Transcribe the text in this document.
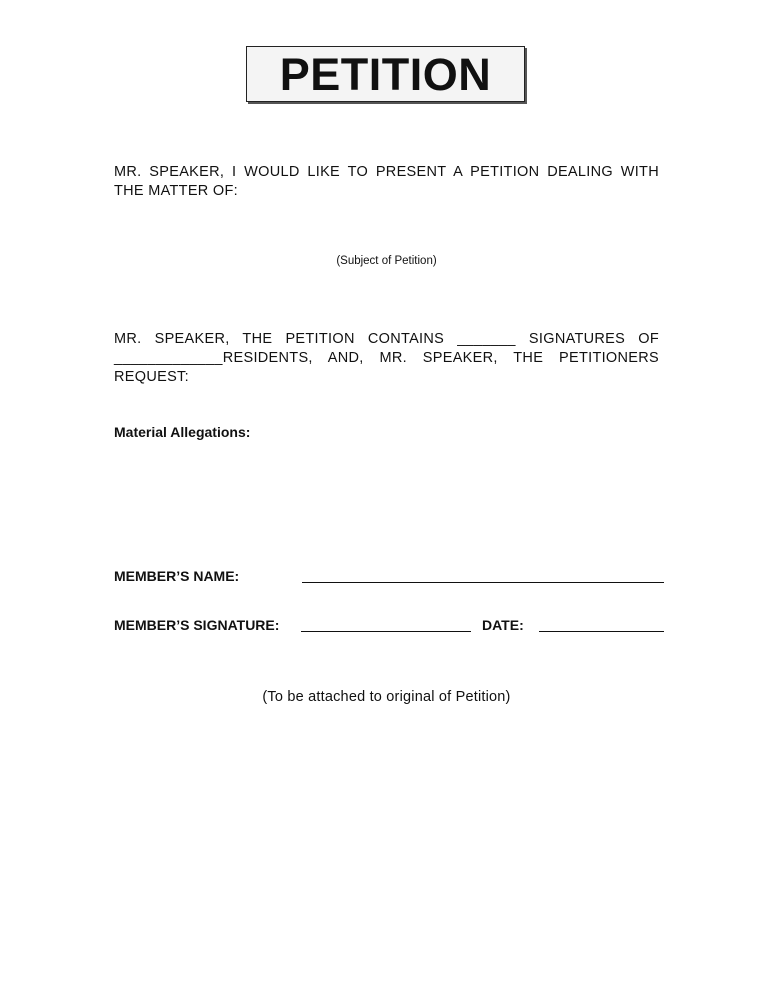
PETITION
MR. SPEAKER, I WOULD LIKE TO PRESENT A PETITION DEALING WITH
THE MATTER OF:
(Subject of Petition)
MR. SPEAKER, THE PETITION CONTAINS _______ SIGNATURES OF
_____________RESIDENTS, AND, MR. SPEAKER, THE PETITIONERS
REQUEST:
Material Allegations:
MEMBER’S NAME:
MEMBER’S SIGNATURE:	DATE:
(To be attached to original of Petition)
